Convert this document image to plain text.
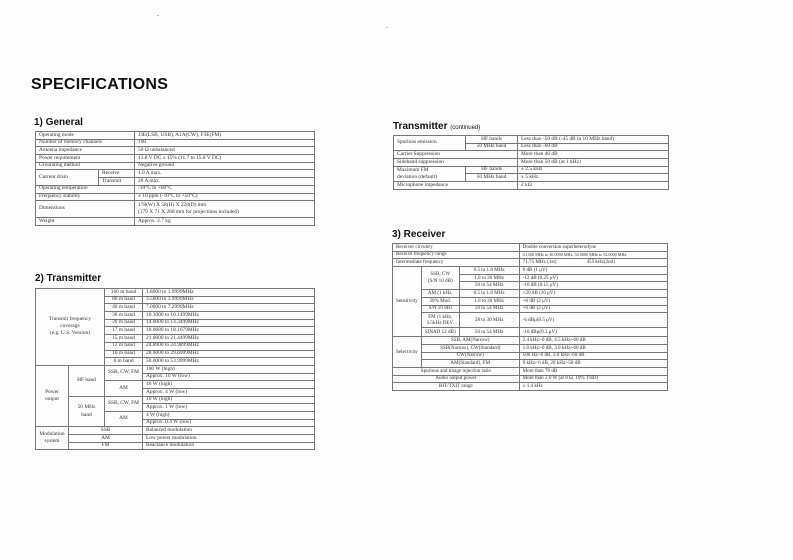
SPECIFICATIONS
1) General
Operating mode		J3E(LSB, USB), A1A(CW), F3E(FM)
Number of memory channels		100
Antenna impedance		50 Ω unbalanced
Power requirement		13.8 V DC ± 15% (11.7 to 15.8 V DC)
Grounding method		Negative ground
Current drain	Receive	1.0 A max.
	Transmit	20 A max.
Operating temperature		-10°C to +60°C
Frequency stability		± 10 ppm (-10°C to +50°C)
Dimensions		178(W) X 58(H) X 228(D) mm
(179 X 71 X 268 mm for projections included)

Weight		Approx. 2.7 kg
2) Transmitter
Transmit frequency
coverage
(e.g. U.S. Version)		160 m band	1.8000 to 1.9999MHz
		80 m band	3.5000 to 3.9999MHz
		40 m band	7.0000 to 7.2999MHz
		30 m band	10.1000 to 10.1499MHz
		20 m band	14.0000 to 14.3499MHz
		17 m band	18.0680 to 18.1679MHz
		15 m band	21.0000 to 21.4499MHz
		12 m band	24.8900 to 24.9899MHz
		10 m band	28.0000 to 29.6999MHz
		6 m band	50.0000 to 53.9999MHz

Power
output	HF band	SSB, CW, FM	100 W (high)
			Approx. 10 W (low)
		AM	40 W (high)
			Approx. 4 W (low)

	50 MHz
band	SSB, CW, FM	10 W (high)
			Approx. 1 W (low)
		AM	4 W (high)
			Approx. 0.4 W (low)

Modulation
system	SSB		Balanced modulation
	AM		Low power modulation
	FM		Reactance modulation
Transmitter (continued)
Spurious emission	HF bands	Less than -50 dB (-45 dB in 10 MHz band)
	50 MHz band	Less than -60 dB
Carrier Suppression		More than 40 dB
Sideband suppression		More than 50 dB (at 1 kHz)

Maximum FM
deviation (default)	HF bands	± 2.5 kHz
	50 MHz band	± 5 kHz
Microphone impedance		2 kΩ
3) Receiver
Receiver circuitry			Double conversion superheterodyne
Receive frequency range			0.1500 MHz to 30.0000 MHz, 50.0000 MHz to 54.0000 MHz
Intermediate frequency			71.75 MHz (1st) 455 kHz(2nd)
Sensitivity	SSB, CW
(S/N 10 dB)	0.5 to 1.8 MHz	0 dB (1 μV)
		1.8 to 30 MHz	-12 dB (0.25 μV)
		50 to 54 MHz	-16 dB (0.15 μV)
	AM (1 kHz,	0.5 to 1.8 MHz	+20 dB (10 μV)
	30% Mod.	1.8 to 30 MHz	+6 dB (2 μV)
	S/N 10 dB)	50 to 54 MHz	+6 dB (2 μV)

	FM (1 kHz,
3.5kHz DEV.	28 to 30 MHz	-6 dBμ(0.5 μV)
	SINAD 12 dB)	50 to 54 MHz	-10 dBμ(0.3 μV)
Selectivity	SSB, AM(Narrow)		2.4 kHz/-6 dB, 4.5 kHz/-60 dB
	SSB(Narrow), CW(Standard)		1.0 kHz/-6 dB, 3.0 kHz/-60 dB
	CW(Narrow)		500 Hz/-6 dB, 3.0 kHz/-60 dB
	AM(Standard), FM		9 kHz/-6 dB, 20 kHz/-50 dB
Spurious and image rejection ratio			More than 70 dB
Audio output power			More than 2.0 W (at 8 Ω, 10% THD)
RIT/TXIT range			± 1.4 kHz
